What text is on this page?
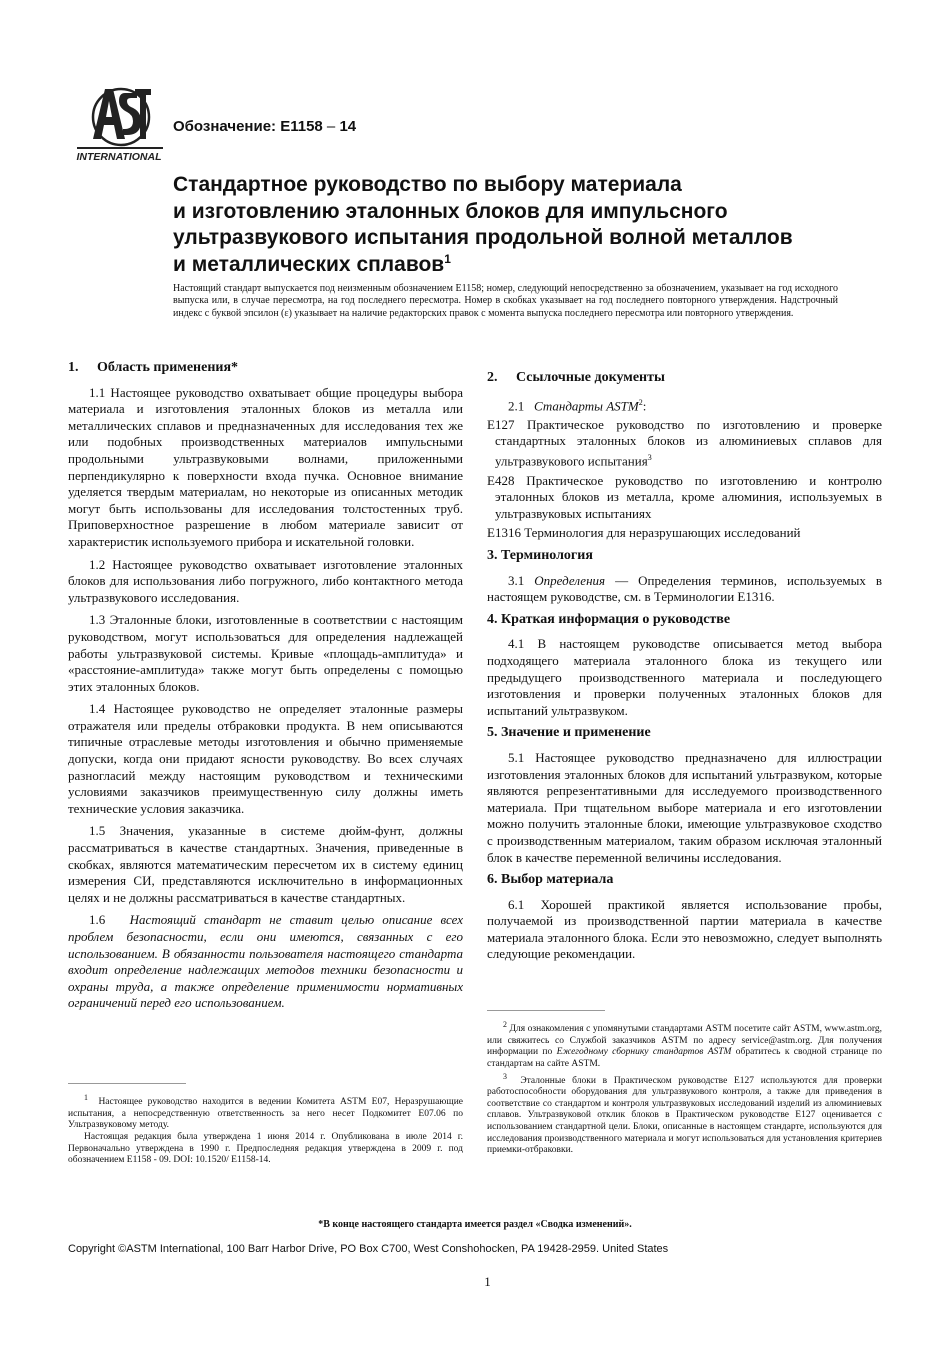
INTERNATIONAL
Обозначение: E1158 – 14
Стандартное руководство по выбору материала
и изготовлению эталонных блоков для импульсного
ультразвукового испытания продольной волной металлов
и металлических сплавов$^1$
Настоящий стандарт выпускается под неизменным обозначением E1158; номер, следующий непосредственно за обозначением, указывает на год исходного выпуска или, в случае пересмотра, на год последнего пересмотра. Номер в скобках указывает на год последнего повторного утверждения. Надстрочный индекс с буквой эпсилон (ε) указывает на наличие редакторских правок с момента выпуска последнего пересмотра или повторного утверждения.
1. Область применения*

1.1 Настоящее руководство охватывает общие процедуры выбора материала и изготовления эталонных блоков из металла или металлических сплавов и предназначенных для исследования тех же или подобных производственных материалов импульсными продольными ультразвуковыми волнами, приложенными перпендикулярно к поверхности входа пучка. Основное внимание уделяется твердым материалам, но некоторые из описанных методик могут быть использованы для исследования толстостенных труб. Приповерхностное разрешение в любом материале зависит от характеристик используемого прибора и искательной головки.

1.2 Настоящее руководство охватывает изготовление эталонных блоков для использования либо погружного, либо контактного метода ультразвукового исследования.

1.3 Эталонные блоки, изготовленные в соответствии с настоящим руководством, могут использоваться для определения надлежащей работы ультразвуковой системы. Кривые «площадь-амплитуда» и «расстояние-амплитуда» также могут быть определены с помощью этих эталонных блоков.

1.4 Настоящее руководство не определяет эталонные размеры отражателя или пределы отбраковки продукта. В нем описываются типичные отраслевые методы изготовления и обычно применяемые допуски, когда они придают ясности руководству. Во всех случаях разногласий между настоящим руководством и техническими условиями заказчиков преимущественную силу должны иметь технические условия заказчика.

1.5 Значения, указанные в системе дюйм-фунт, должны рассматриваться в качестве стандартных. Значения, приведенные в скобках, являются математическим пересчетом их в систему единиц измерения СИ, представляются исключительно в информационных целях и не должны рассматриваться в качестве стандартных.

1.6 Настоящий стандарт не ставит целью описание всех проблем безопасности, если они имеются, связанных с его использованием. В обязанности пользователя настоящего стандарта входит определение надлежащих методов техники безопасности и охраны труда, а также определение применимости нормативных ограничений перед его использованием.

$^1$ Настоящее руководство находится в ведении Комитета ASTM E07, Неразрушающие испытания, а непосредственную ответственность за него несет Подкомитет E07.06 по Ультразвуковому методу.

Настоящая редакция была утверждена 1 июня 2014 г. Опубликована в июле 2014 г. Первоначально утверждена в 1990 г. Предпоследняя редакция утверждена в 2009 г. под обозначением E1158 - 09. DOI: 10.1520/ E1158-14.

2. Ссылочные документы
2.1 Стандарты ASTM$^2$:
E127 Практическое руководство по изготовлению и проверке стандартных эталонных блоков из алюминиевых сплавов для ультразвукового испытания$^3$
E428 Практическое руководство по изготовлению и контролю эталонных блоков из металла, кроме алюминия, используемых в ультразвуковых испытаниях
E1316 Терминология для неразрушающих исследований
3. Терминология

3.1 Определения — Определения терминов, используемых в настоящем руководстве, см. в Терминологии E1316.

4. Краткая информация о руководстве

4.1 В настоящем руководстве описывается метод выбора подходящего материала эталонного блока из текущего или предыдущего производственного материала и последующего изготовления и проверки полученных эталонных блоков для испытаний ультразвуком.

5. Значение и применение

5.1 Настоящее руководство предназначено для иллюстрации изготовления эталонных блоков для испытаний ультразвуком, которые являются репрезентативными для исследуемого производственного материала. При тщательном выборе материала и его изготовлении можно получить эталонные блоки, имеющие ультразвуковое сходство с производственным материалом, таким образом исключая эталонный блок в качестве переменной величины исследования.

6. Выбор материала

6.1 Хорошей практикой является использование пробы, получаемой из производственной партии материала в качестве материала эталонного блока. Если это невозможно, следует выполнять следующие рекомендации.

$^2$ Для ознакомления с упомянутыми стандартами ASTM посетите сайт ASTM, www.astm.org, или свяжитесь со Службой заказчиков ASTM по адресу service@astm.org. Для получения информации по Ежегодному сборнику стандартов ASTM обратитесь к сводной странице по стандартам на сайте ASTM.

$^3$ Эталонные блоки в Практическом руководстве E127 используются для проверки работоспособности оборудования для ультразвукового контроля, а также для приведения в соответствие со стандартом и контроля ультразвуковых исследований изделий из алюминиевых сплавов. Ультразвуковой отклик блоков в Практическом руководстве E127 оценивается с использованием стандартной цели. Блоки, описанные в настоящем стандарте, используются для исследования производственного материала и могут использоваться для установления критериев приемки-отбраковки.

*В конце настоящего стандарта имеется раздел «Сводка изменений».
Copyright ©ASTM International, 100 Barr Harbor Drive, PO Box C700, West Conshohocken, PA 19428-2959. United States
1
